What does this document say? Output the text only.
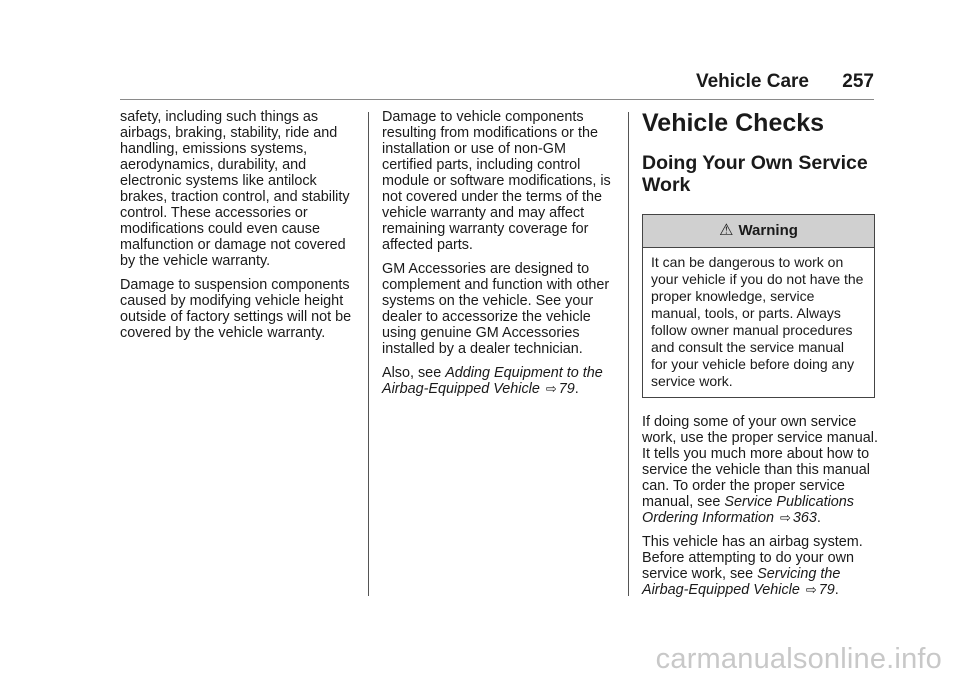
Vehicle Care 257

safety, including such things as airbags, braking, stability, ride and handling, emissions systems, aerodynamics, durability, and electronic systems like antilock brakes, traction control, and stability control. These accessories or modifications could even cause malfunction or damage not covered by the vehicle warranty.

Damage to suspension components caused by modifying vehicle height outside of factory settings will not be covered by the vehicle warranty.

Damage to vehicle components resulting from modifications or the installation or use of non-GM certified parts, including control module or software modifications, is not covered under the terms of the vehicle warranty and may affect remaining warranty coverage for affected parts.

GM Accessories are designed to complement and function with other systems on the vehicle. See your dealer to accessorize the vehicle using genuine GM Accessories installed by a dealer technician.

Also, see Adding Equipment to the Airbag-Equipped Vehicle ⇨ 79.

Vehicle Checks
Doing Your Own Service Work
⚠ Warning
It can be dangerous to work on your vehicle if you do not have the proper knowledge, service manual, tools, or parts. Always follow owner manual procedures and consult the service manual for your vehicle before doing any service work.

If doing some of your own service work, use the proper service manual. It tells you much more about how to service the vehicle than this manual can. To order the proper service manual, see Service Publications Ordering Information ⇨ 363.

This vehicle has an airbag system. Before attempting to do your own service work, see Servicing the Airbag-Equipped Vehicle ⇨ 79.

carmanualsonline.info
